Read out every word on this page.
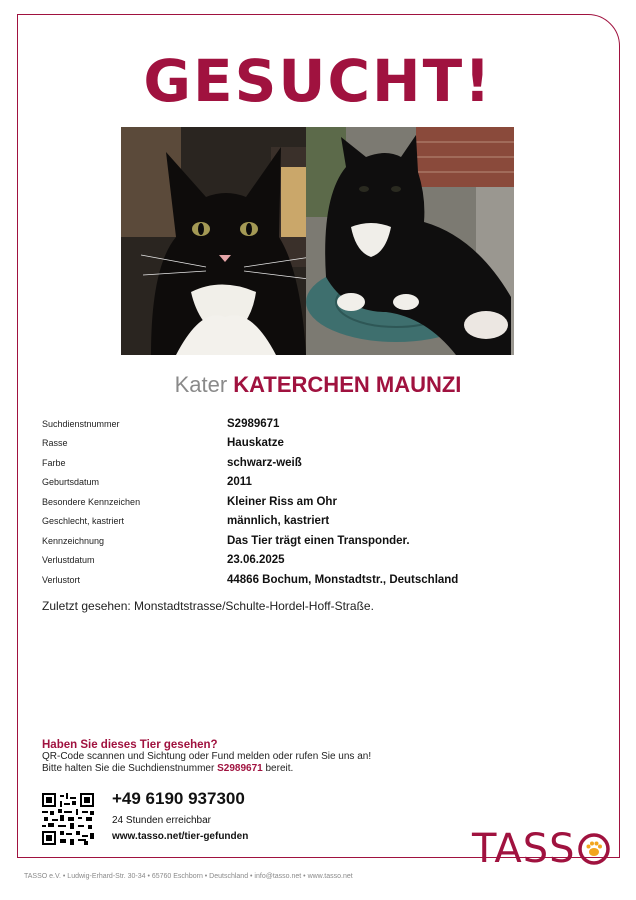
GESUCHT!
Kater KATERCHEN MAUNZI
Suchdienstnummer	S2989671
Rasse	Hauskatze
Farbe	schwarz-weiß
Geburtsdatum	2011
Besondere Kennzeichen	Kleiner Riss am Ohr
Geschlecht, kastriert	männlich, kastriert
Kennzeichnung	Das Tier trägt einen Transponder.
Verlustdatum	23.06.2025
Verlustort	44866 Bochum, Monstadtstr., Deutschland
Zuletzt gesehen: Monstadtstrasse/Schulte-Hordel-Hoff-Straße.
Haben Sie dieses Tier gesehen?
QR-Code scannen und Sichtung oder Fund melden oder rufen Sie uns an!
Bitte halten Sie die Suchdienstnummer S2989671 bereit.
+49 6190 937300
24 Stunden erreichbar
www.tasso.net/tier-gefunden	TASS
TASSO e.V. • Ludwig-Erhard-Str. 30-34 • 65760 Eschborn • Deutschland • info@tasso.net • www.tasso.net
